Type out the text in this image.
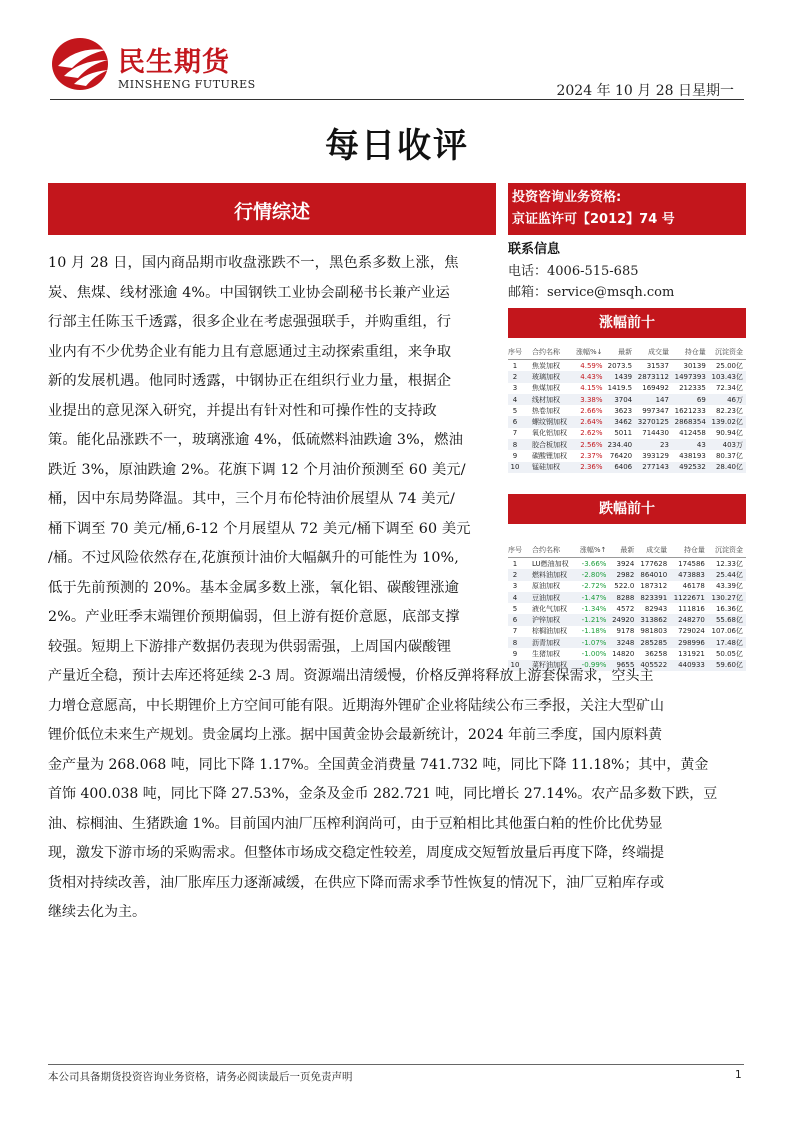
民生期货
MINSHENG FUTURES	2024 年 10 月 28 日星期一
每日收评
行情综述
投资咨询业务资格:
京证监许可【2012】74 号
联系信息
电话：4006-515-685
邮箱：service@msqh.com
涨幅前十
序号	合约名称	涨幅%↓	最新	成交量	持仓量	沉淀资金
1	焦炭加权	4.59%	2073.5	31537	30139	25.00亿
2	玻璃加权	4.43%	1439	2873112	1497393	103.43亿
3	焦煤加权	4.15%	1419.5	169492	212335	72.34亿
4	线材加权	3.38%	3704	147	69	46万
5	热卷加权	2.66%	3623	997347	1621233	82.23亿
6	螺纹钢加权	2.64%	3462	3270125	2868354	139.02亿
7	氧化铝加权	2.62%	5011	714430	412458	90.94亿
8	胶合板加权	2.56%	234.40	23	43	403万
9	碳酸锂加权	2.37%	76420	393129	438193	80.37亿
10	锰硅加权	2.36%	6406	277143	492532	28.40亿
跌幅前十
序号	合约名称	涨幅%↑	最新	成交量	持仓量	沉淀资金
1	LU燃油加权	-3.66%	3924	177628	174586	12.33亿
2	燃料油加权	-2.80%	2982	864010	473883	25.44亿
3	原油加权	-2.72%	522.0	187312	46178	43.39亿
4	豆油加权	-1.47%	8288	823391	1122671	130.27亿
5	液化气加权	-1.34%	4572	82943	111816	16.36亿
6	沪锌加权	-1.21%	24920	313862	248270	55.68亿
7	棕榈油加权	-1.18%	9178	981803	729024	107.06亿
8	沥青加权	-1.07%	3248	285285	298996	17.48亿
9	生猪加权	-1.00%	14820	36258	131921	50.05亿
10	菜籽油加权	-0.99%	9655	405522	440933	59.60亿
10 月 28 日，国内商品期市收盘涨跌不一，黑色系多数上涨，焦
炭、焦煤、线材涨逾 4%。中国钢铁工业协会副秘书长兼产业运
行部主任陈玉千透露，很多企业在考虑强强联手，并购重组，行
业内有不少优势企业有能力且有意愿通过主动探索重组，来争取
新的发展机遇。他同时透露，中钢协正在组织行业力量，根据企
业提出的意见深入研究，并提出有针对性和可操作性的支持政
策。能化品涨跌不一，玻璃涨逾 4%，低硫燃料油跌逾 3%，燃油
跌近 3%，原油跌逾 2%。花旗下调 12 个月油价预测至 60 美元/
桶，因中东局势降温。其中，三个月布伦特油价展望从 74 美元/
桶下调至 70 美元/桶,6-12 个月展望从 72 美元/桶下调至 60 美元
/桶。不过风险依然存在,花旗预计油价大幅飙升的可能性为 10%,
低于先前预测的 20%。基本金属多数上涨，氧化铝、碳酸锂涨逾
2%。产业旺季末端锂价预期偏弱，但上游有挺价意愿，底部支撑
较强。短期上下游排产数据仍表现为供弱需强，上周国内碳酸锂
产量近全稳，预计去库还将延续 2-3 周。资源端出清缓慢，价格反弹将释放上游套保需求，空头主
力增仓意愿高，中长期锂价上方空间可能有限。近期海外锂矿企业将陆续公布三季报，关注大型矿山
锂价低位未来生产规划。贵金属均上涨。据中国黄金协会最新统计，2024 年前三季度，国内原料黄
金产量为 268.068 吨，同比下降 1.17%。全国黄金消费量 741.732 吨，同比下降 11.18%；其中，黄金
首饰 400.038 吨，同比下降 27.53%，金条及金币 282.721 吨，同比增长 27.14%。农产品多数下跌，豆
油、棕榈油、生猪跌逾 1%。目前国内油厂压榨利润尚可，由于豆粕相比其他蛋白粕的性价比优势显
现，激发下游市场的采购需求。但整体市场成交稳定性较差，周度成交短暂放量后再度下降，终端提
货相对持续改善，油厂胀库压力逐渐减缓，在供应下降而需求季节性恢复的情况下，油厂豆粕库存或
继续去化为主。
本公司具备期货投资咨询业务资格，请务必阅读最后一页免责声明	1
